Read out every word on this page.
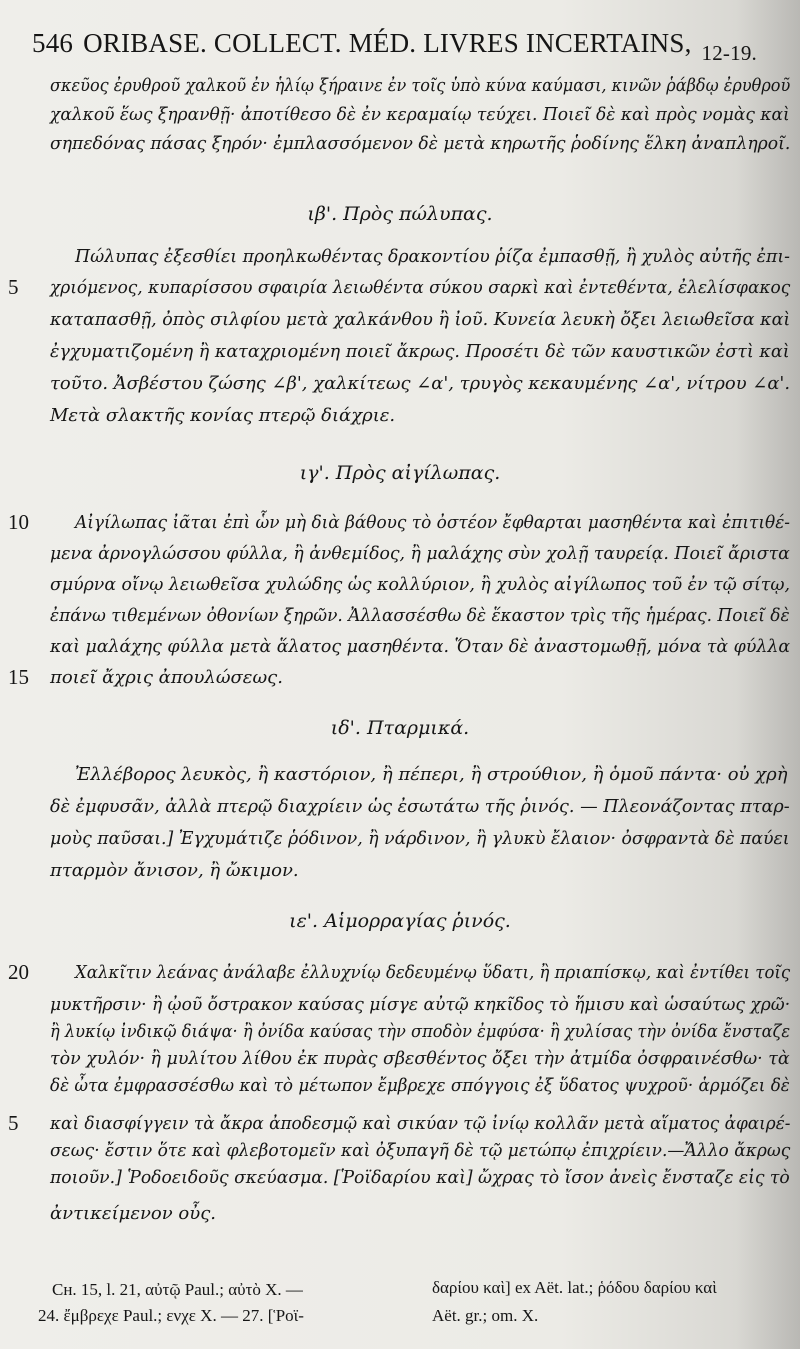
546 ORIBASE. COLLECT. MÉD. LIVRES INCERTAINS, $_{12-19.}$
σκεῦος ἐρυθροῦ χαλκοῦ ἐν ἡλίῳ ξήραινε ἐν τοῖς ὑπὸ κύνα καύμασι, κινῶν ῥάβδῳ ἐρυθροῦ
χαλκοῦ ἕως ξηρανθῇ· ἀποτίθεσο δὲ ἐν κεραμαίῳ τεύχει. Ποιεῖ δὲ καὶ πρὸς νομὰς καὶ
σηπεδόνας πάσας ξηρόν· ἐμπλασσόμενον δὲ μετὰ κηρωτῆς ῥοδίνης ἕλκη ἀναπληροῖ.
ιβ'. Πρὸς πώλυπας.
Πώλυπας ἐξεσθίει προηλκωθέντας δρακοντίου ῥίζα ἐμπασθῇ, ἢ χυλὸς αὐτῆς ἐπι-
5	χριόμενος, κυπαρίσσου σφαιρία λειωθέντα σύκου σαρκὶ καὶ ἐντεθέντα, ἐλελίσφακος
καταπασθῇ, ὀπὸς σιλφίου μετὰ χαλκάνθου ἢ ἰοῦ. Κυνεία λευκὴ ὄξει λειωθεῖσα καὶ
ἐγχυματιζομένη ἢ καταχριομένη ποιεῖ ἄκρως. Προσέτι δὲ τῶν καυστικῶν ἐστὶ καὶ
τοῦτο. Ἀσβέστου ζώσης ∠β', χαλκίτεως ∠α', τρυγὸς κεκαυμένης ∠α', νίτρου ∠α'.
Μετὰ σλακτῆς κονίας πτερῷ διάχριε.
ιγ'. Πρὸς αἰγίλωπας.
10	Αἰγίλωπας ἰᾶται ἐπὶ ὧν μὴ διὰ βάθους τὸ ὀστέον ἔφθαρται μασηθέντα καὶ ἐπιτιθέ-
μενα ἀρνογλώσσου φύλλα, ἢ ἀνθεμίδος, ἢ μαλάχης σὺν χολῇ ταυρείᾳ. Ποιεῖ ἄριστα
σμύρνα οἴνῳ λειωθεῖσα χυλώδης ὡς κολλύριον, ἢ χυλὸς αἰγίλωπος τοῦ ἐν τῷ σίτῳ,
ἐπάνω τιθεμένων ὀθονίων ξηρῶν. Ἀλλασσέσθω δὲ ἕκαστον τρὶς τῆς ἡμέρας. Ποιεῖ δὲ
καὶ μαλάχης φύλλα μετὰ ἅλατος μασηθέντα. Ὅταν δὲ ἀναστομωθῇ, μόνα τὰ φύλλα
15	ποιεῖ ἄχρις ἀπουλώσεως.
ιδ'. Πταρμικά.
Ἐλλέβορος λευκὸς, ἢ καστόριον, ἢ πέπερι, ἢ στρούθιον, ἢ ὁμοῦ πάντα· οὐ χρὴ
δὲ ἐμφυσᾶν, ἀλλὰ πτερῷ διαχρίειν ὡς ἐσωτάτω τῆς ῥινός. — Πλεονάζοντας πταρ-
μοὺς παῦσαι.] Ἐγχυμάτιζε ῥόδινον, ἢ νάρδινον, ἢ γλυκὺ ἔλαιον· ὀσφραντὰ δὲ παύει
πταρμὸν ἄνισον, ἢ ὤκιμον.
ιε'. Αἱμορραγίας ῥινός.
20	Χαλκῖτιν λεάνας ἀνάλαβε ἐλλυχνίῳ δεδευμένῳ ὕδατι, ἢ πριαπίσκῳ, καὶ ἐντίθει τοῖς
μυκτῆρσιν· ἢ ᾠοῦ ὄστρακον καύσας μίσγε αὐτῷ κηκῖδος τὸ ἥμισυ καὶ ὡσαύτως χρῶ·
ἢ λυκίῳ ἰνδικῷ διάψα· ἢ ὀνίδα καύσας τὴν σποδὸν ἐμφύσα· ἢ χυλίσας τὴν ὀνίδα ἔνσταζε
τὸν χυλόν· ἢ μυλίτου λίθου ἐκ πυρὰς σβεσθέντος ὄξει τὴν ἀτμίδα ὀσφραινέσθω· τὰ
δὲ ὦτα ἐμφρασσέσθω καὶ τὸ μέτωπον ἔμβρεχε σπόγγοις ἐξ ὕδατος ψυχροῦ· ἁρμόζει δὲ
5	καὶ διασφίγγειν τὰ ἄκρα ἀποδεσμῷ καὶ σικύαν τῷ ἰνίῳ κολλᾶν μετὰ αἵματος ἀφαιρέ-
σεως· ἔστιν ὅτε καὶ φλεβοτομεῖν καὶ ὀξυπαγῆ δὲ τῷ μετώπῳ ἐπιχρίειν.—Ἄλλο ἄκρως
ποιοῦν.] Ῥοδοειδοῦς σκεύασμα. [Ῥοϊδαρίου καὶ] ὤχρας τὸ ἴσον ἀνεὶς ἔνσταζε εἰς τὸ
ἀντικείμενον οὖς.
Cʜ. 15, l. 21, αὐτῷ Paul.; αὐτὸ X. —
24. ἔμβρεχε Paul.; ενχε X. — 27. [Ῥοϊ-
δαρίου καὶ] ex Aët. lat.; ῥόδου δαρίου καὶ
Aët. gr.; om. X.
